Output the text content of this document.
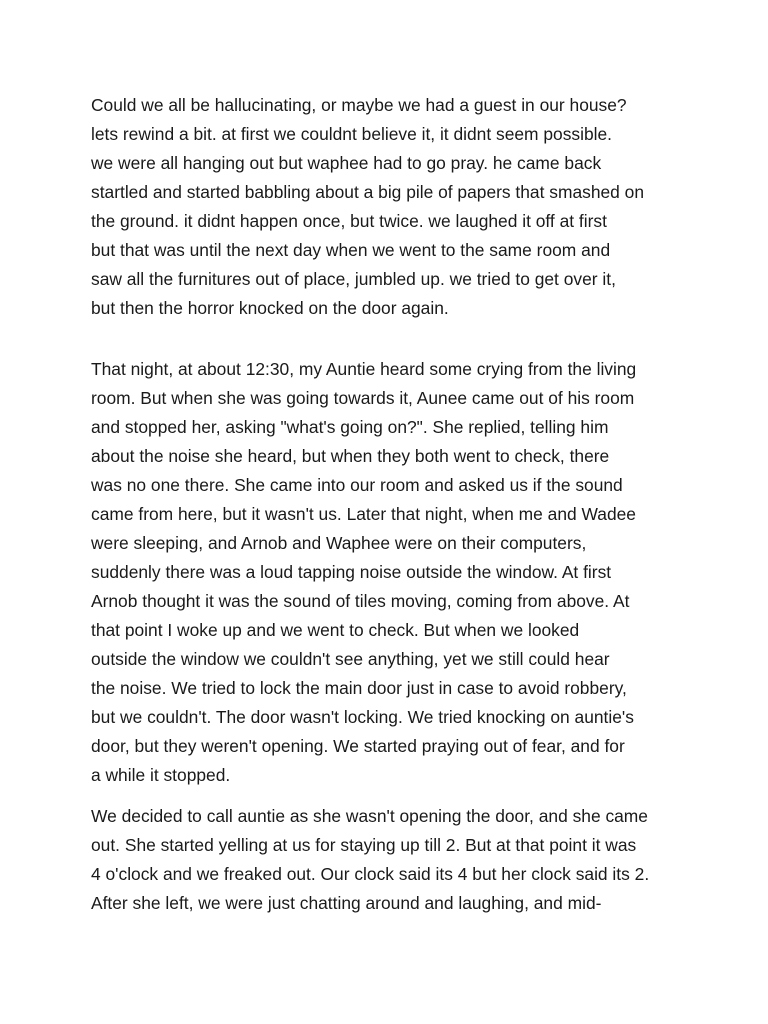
Could we all be hallucinating, or maybe we had a guest in our house?
lets rewind a bit. at first we couldnt believe it, it didnt seem possible.
we were all hanging out but waphee had to go pray. he came back
startled and started babbling about a big pile of papers that smashed on
the ground. it didnt happen once, but twice. we laughed it off at first
but that was until the next day when we went to the same room and
saw all the furnitures out of place, jumbled up. we tried to get over it,
but then the horror knocked on the door again.
That night, at about 12:30, my Auntie heard some crying from the living
room. But when she was going towards it, Aunee came out of his room
and stopped her, asking "what's going on?". She replied, telling him
about the noise she heard, but when they both went to check, there
was no one there. She came into our room and asked us if the sound
came from here, but it wasn't us. Later that night, when me and Wadee
were sleeping, and Arnob and Waphee were on their computers,
suddenly there was a loud tapping noise outside the window. At first
Arnob thought it was the sound of tiles moving, coming from above. At
that point I woke up and we went to check. But when we looked
outside the window we couldn't see anything, yet we still could hear
the noise. We tried to lock the main door just in case to avoid robbery,
but we couldn't. The door wasn't locking. We tried knocking on auntie's
door, but they weren't opening. We started praying out of fear, and for
a while it stopped.
We decided to call auntie as she wasn't opening the door, and she came
out. She started yelling at us for staying up till 2. But at that point it was
4 o'clock and we freaked out. Our clock said its 4 but her clock said its 2.
After she left, we were just chatting around and laughing, and mid-
